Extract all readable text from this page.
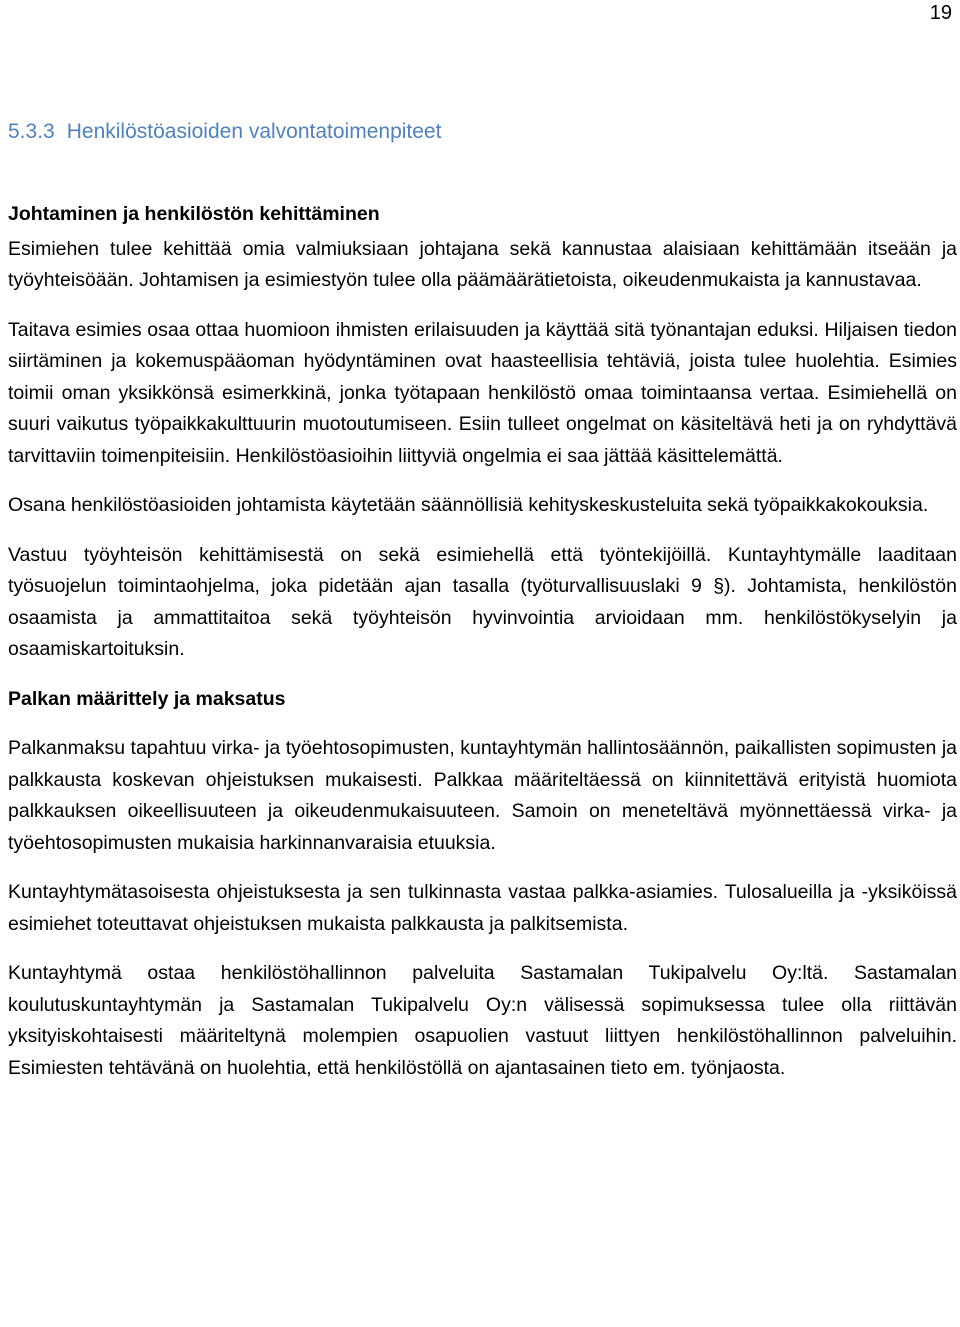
19
5.3.3 Henkilöstöasioiden valvontatoimenpiteet
Johtaminen ja henkilöstön kehittäminen

Esimiehen tulee kehittää omia valmiuksiaan johtajana sekä kannustaa alaisiaan kehittämään itseään ja työyhteisöään. Johtamisen ja esimiestyön tulee olla päämäärätietoista, oikeudenmukaista ja kannustavaa.

Taitava esimies osaa ottaa huomioon ihmisten erilaisuuden ja käyttää sitä työnantajan eduksi. Hiljaisen tiedon siirtäminen ja kokemuspääoman hyödyntäminen ovat haasteellisia tehtäviä, joista tulee huolehtia. Esimies toimii oman yksikkönsä esimerkkinä, jonka työtapaan henkilöstö omaa toimintaansa vertaa. Esimiehellä on suuri vaikutus työpaikkakulttuurin muotoutumiseen. Esiin tulleet ongelmat on käsiteltävä heti ja on ryhdyttävä tarvittaviin toimenpiteisiin. Henkilöstöasioihin liittyviä ongelmia ei saa jättää käsittelemättä.

Osana henkilöstöasioiden johtamista käytetään säännöllisiä kehityskeskusteluita sekä työpaikkakokouksia.

Vastuu työyhteisön kehittämisestä on sekä esimiehellä että työntekijöillä. Kuntayhtymälle laaditaan työsuojelun toimintaohjelma, joka pidetään ajan tasalla (työturvallisuuslaki 9 §). Johtamista, henkilöstön osaamista ja ammattitaitoa sekä työyhteisön hyvinvointia arvioidaan mm. henkilöstökyselyin ja osaamiskartoituksin.

Palkan määrittely ja maksatus

Palkanmaksu tapahtuu virka- ja työehtosopimusten, kuntayhtymän hallintosäännön, paikallisten sopimusten ja palkkausta koskevan ohjeistuksen mukaisesti. Palkkaa määriteltäessä on kiinnitettävä erityistä huomiota palkkauksen oikeellisuuteen ja oikeudenmukaisuuteen. Samoin on meneteltävä myönnettäessä virka- ja työehtosopimusten mukaisia harkinnanvaraisia etuuksia.

Kuntayhtymätasoisesta ohjeistuksesta ja sen tulkinnasta vastaa palkka-asiamies. Tulosalueilla ja -yksiköissä esimiehet toteuttavat ohjeistuksen mukaista palkkausta ja palkitsemista.

Kuntayhtymä ostaa henkilöstöhallinnon palveluita Sastamalan Tukipalvelu Oy:ltä. Sastamalan koulutuskuntayhtymän ja Sastamalan Tukipalvelu Oy:n välisessä sopimuksessa tulee olla riittävän yksityiskohtaisesti määriteltynä molempien osapuolien vastuut liittyen henkilöstöhallinnon palveluihin. Esimiesten tehtävänä on huolehtia, että henkilöstöllä on ajantasainen tieto em. työnjaosta.
